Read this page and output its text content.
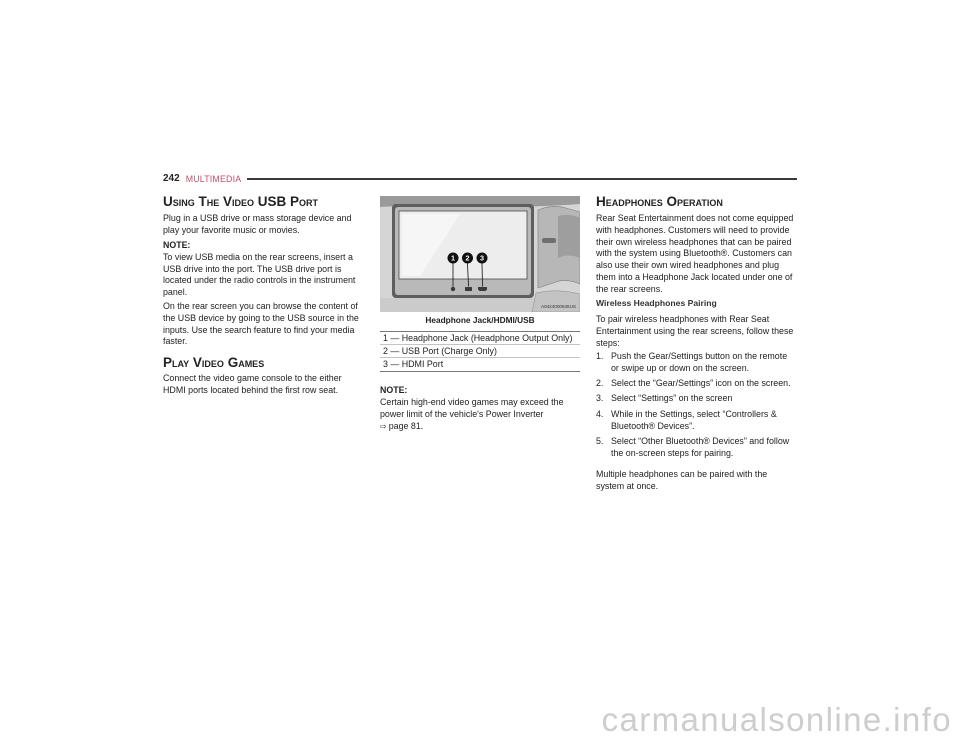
242 MULTIMEDIA
Using The Video USB Port

Plug in a USB drive or mass storage device and play your favorite music or movies.

NOTE:

To view USB media on the rear screens, insert a USB drive into the port. The USB drive port is located under the radio controls in the instrument panel.

On the rear screen you can browse the content of the USB device by going to the USB source in the inputs. Use the search feature to find your media faster.

Play Video Games

Connect the video game console to the either HDMI ports located behind the first row seat.

1 2 3
A0424000845US
Headphone Jack/HDMI/USB
1 — Headphone Jack (Headphone Output Only)
2 — USB Port (Charge Only)
3 — HDMI Port
NOTE:

Certain high-end video games may exceed the power limit of the vehicle's Power Inverter

⇨ page 81.
Headphones Operation

Rear Seat Entertainment does not come equipped with headphones. Customers will need to provide their own wireless headphones that can be paired with the system using Bluetooth®. Customers can also use their own wired headphones and plug them into a Headphone Jack located under one of the rear screens.

Wireless Headphones Pairing

To pair wireless headphones with Rear Seat Entertainment using the rear screens, follow these steps:

1. Push the Gear/Settings button on the remote or swipe up or down on the screen.
2. Select the “Gear/Settings” icon on the screen.
3. Select “Settings” on the screen
4. While in the Settings, select “Controllers & Bluetooth® Devices”.
5. Select “Other Bluetooth® Devices” and follow the on-screen steps for pairing.

Multiple headphones can be paired with the system at once.

carmanualsonline.info
